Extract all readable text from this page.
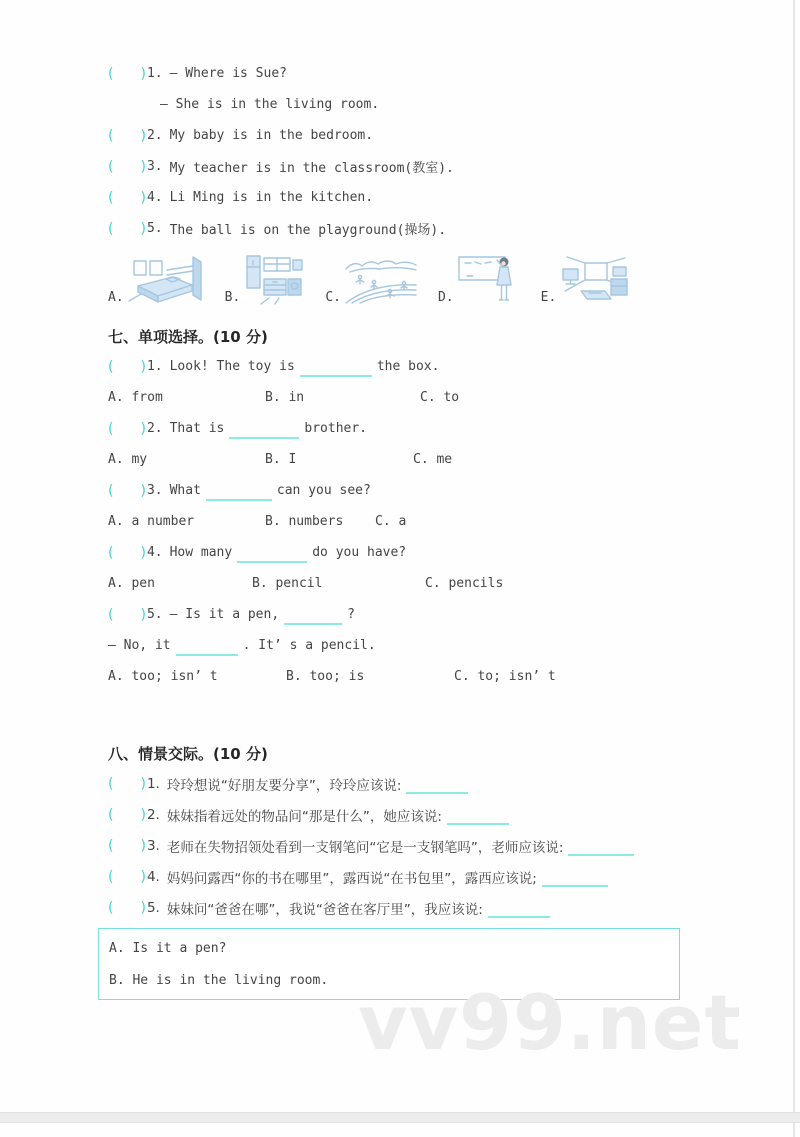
( ) 1. — Where is Sue?
— She is in the living room.
( ) 2. My baby is in the bedroom.
( ) 3. My teacher is in the classroom(教室).
( ) 4. Li Ming is in the kitchen.
( ) 5. The ball is on the playground(操场).
A.	B.	C.	D.	E.
七、单项选择。(10 分)
( ) 1. Look! The toy is	the box.
A. from	B. in	C. to
( ) 2. That is	brother.
A. my	B. I	C. me
( ) 3. What	can you see?
A. a number	B. numbers	C. a
( ) 4. How many	do you have?
A. pen	B. pencil	C. pencils
( ) 5. — Is it a pen,	?
— No, it	. It’ s a pencil.
A. too; isn’ t	B. too; is	C. to; isn’ t
八、情景交际。(10 分)
( ) 1. 玲玲想说“好朋友要分享”，玲玲应该说:
( ) 2. 妹妹指着远处的物品问“那是什么”，她应该说:
( ) 3. 老师在失物招领处看到一支钢笔问“它是一支钢笔吗”，老师应该说:
( ) 4. 妈妈问露西“你的书在哪里”，露西说“在书包里”，露西应该说;
( ) 5. 妹妹问“爸爸在哪”，我说“爸爸在客厅里”，我应该说:
A. Is it a pen?
B. He is in the living room. vv99.net
